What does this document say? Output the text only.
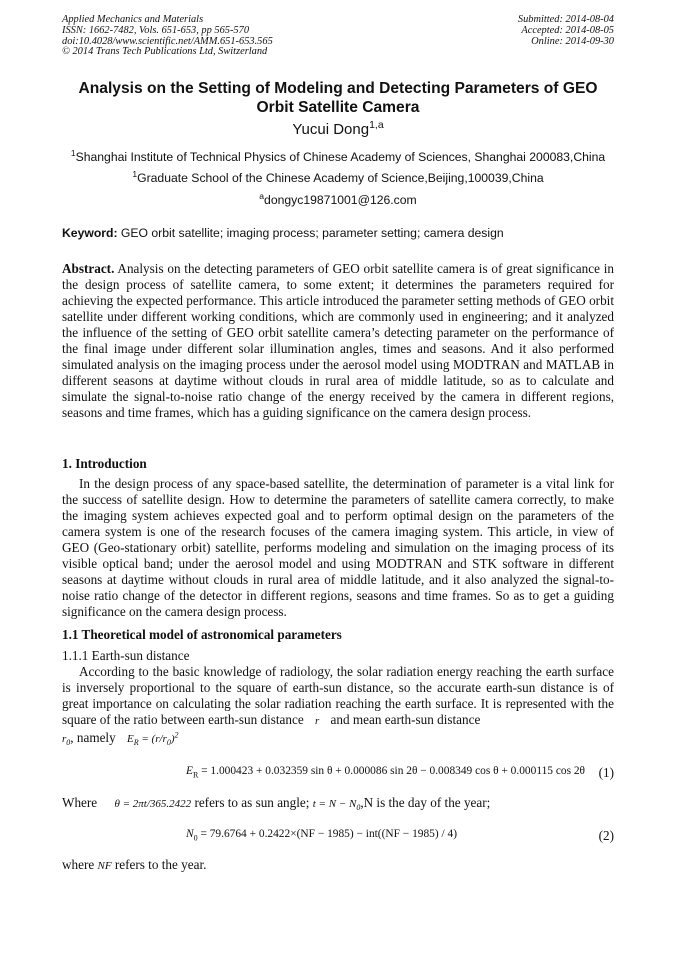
Applied Mechanics and Materials
ISSN: 1662-7482, Vols. 651-653, pp 565-570
doi:10.4028/www.scientific.net/AMM.651-653.565
© 2014 Trans Tech Publications Ltd, Switzerland
Submitted: 2014-08-04
Accepted: 2014-08-05
Online: 2014-09-30
Analysis on the Setting of Modeling and Detecting Parameters of GEO Orbit Satellite Camera
Yucui Dong$^{1,a}$
$^1$Shanghai Institute of Technical Physics of Chinese Academy of Sciences, Shanghai 200083,China
$^1$Graduate School of the Chinese Academy of Science,Beijing,100039,China
$^a$dongyc19871001@126.com
Keyword: GEO orbit satellite; imaging process; parameter setting; camera design
Abstract. Analysis on the detecting parameters of GEO orbit satellite camera is of great significance in the design process of satellite camera, to some extent; it determines the parameters required for achieving the expected performance. This article introduced the parameter setting methods of GEO orbit satellite under different working conditions, which are commonly used in engineering; and it analyzed the influence of the setting of GEO orbit satellite camera’s detecting parameter on the performance of the final image under different solar illumination angles, times and seasons. And it also performed simulated analysis on the imaging process under the aerosol model using MODTRAN and MATLAB in different seasons at daytime without clouds in rural area of middle latitude, so as to calculate and simulate the signal-to-noise ratio change of the energy received by the camera in different regions, seasons and time frames, which has a guiding significance on the camera design process.
1. Introduction
In the design process of any space-based satellite, the determination of parameter is a vital link for the success of satellite design. How to determine the parameters of satellite camera correctly, to make the imaging system achieves expected goal and to perform optimal design on the parameters of the camera system is one of the research focuses of the camera imaging system. This article, in view of GEO (Geo-stationary orbit) satellite, performs modeling and simulation on the imaging process of its visible optical band; under the aerosol model and using MODTRAN and STK software in different seasons at daytime without clouds in rural area of middle latitude, and it also analyzed the signal-to-noise ratio change of the detector in different regions, seasons and time frames. So as to get a guiding significance on the camera design process.
1.1 Theoretical model of astronomical parameters
1.1.1 Earth-sun distance
According to the basic knowledge of radiology, the solar radiation energy reaching the earth surface is inversely proportional to the square of earth-sun distance, so the accurate earth-sun distance is of great importance on calculating the solar radiation reaching the earth surface. It is represented with the square of the ratio between earth-sun distance r and mean earth-sun distance
$r_0$, namely $E_R = (r/r_0)^2$
$E_R = 1.000423 + 0.032359$ sin θ + 0.000086 sin 2θ − 0.008349 cos θ + 0.000115 cos 2θ (1)
Where θ = 2πt/365.2422 refers to as sun angle; $t = N - N_0,N$ is the day of the year;
$N_0 = 79.6764 + 0.2422\times(NF - 1985) - int((NF - 1985) / 4)$	(2)
where NF refers to the year.
